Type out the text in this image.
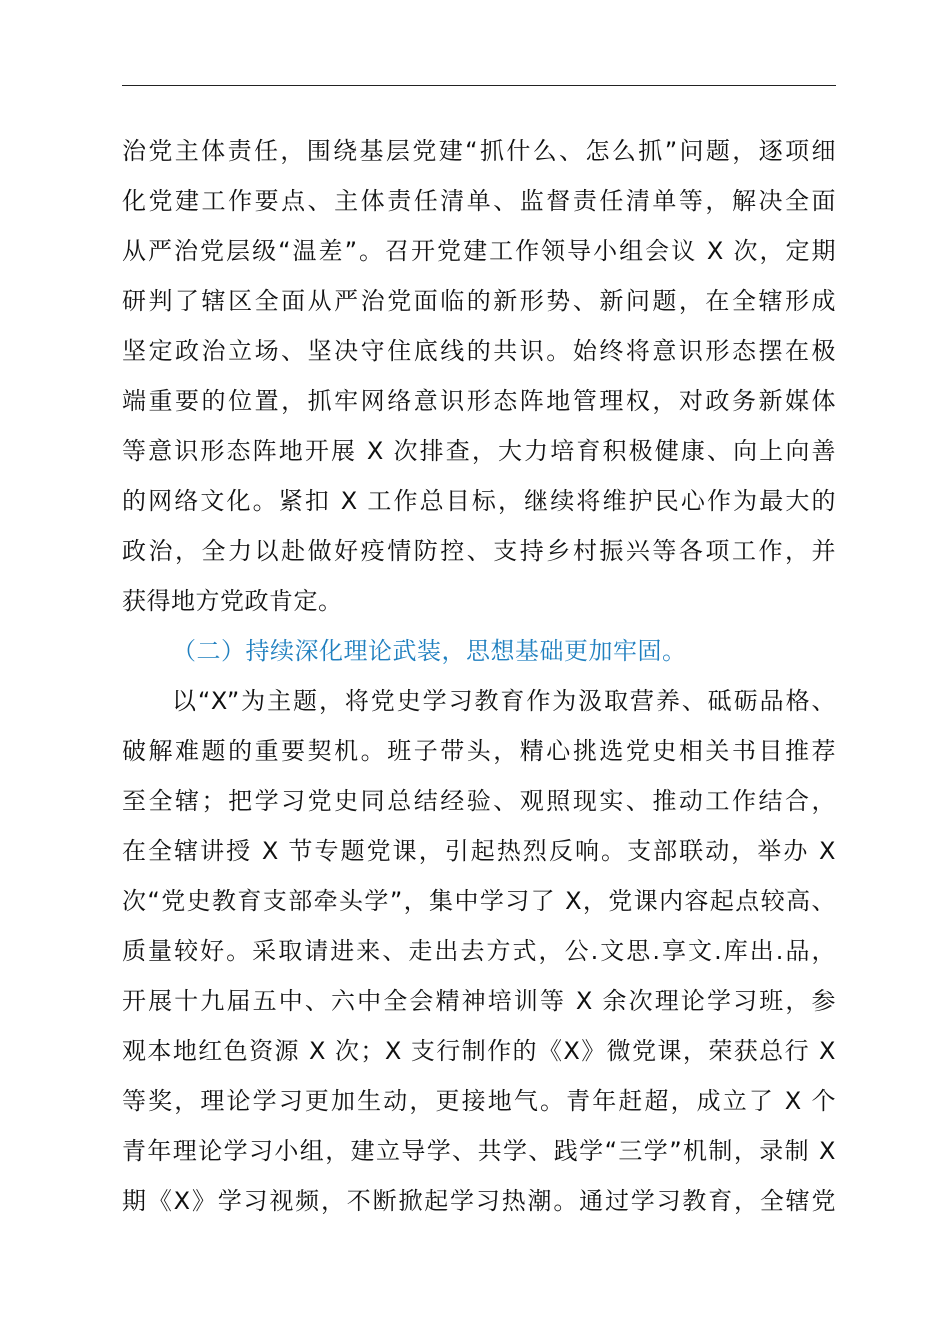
治党主体责任，围绕基层党建“抓什么、怎么抓”问题，逐项细
化党建工作要点、主体责任清单、监督责任清单等，解决全面
从严治党层级“温差”。召开党建工作领导小组会议 X 次，定期
研判了辖区全面从严治党面临的新形势、新问题，在全辖形成
坚定政治立场、坚决守住底线的共识。始终将意识形态摆在极
端重要的位置，抓牢网络意识形态阵地管理权，对政务新媒体
等意识形态阵地开展 X 次排查，大力培育积极健康、向上向善
的网络文化。紧扣 X 工作总目标，继续将维护民心作为最大的
政治，全力以赴做好疫情防控、支持乡村振兴等各项工作，并
获得地方党政肯定。
（二）持续深化理论武装，思想基础更加牢固。
以“X”为主题，将党史学习教育作为汲取营养、砥砺品格、
破解难题的重要契机。班子带头，精心挑选党史相关书目推荐
至全辖；把学习党史同总结经验、观照现实、推动工作结合，
在全辖讲授 X 节专题党课，引起热烈反响。支部联动，举办 X
次“党史教育支部牵头学”，集中学习了 X，党课内容起点较高、
质量较好。采取请进来、走出去方式，公.文思.享文.库出.品，
开展十九届五中、六中全会精神培训等 X 余次理论学习班，参
观本地红色资源 X 次；X 支行制作的《X》微党课，荣获总行 X
等奖，理论学习更加生动，更接地气。青年赶超，成立了 X 个
青年理论学习小组，建立导学、共学、践学“三学”机制，录制 X
期《X》学习视频，不断掀起学习热潮。通过学习教育，全辖党
